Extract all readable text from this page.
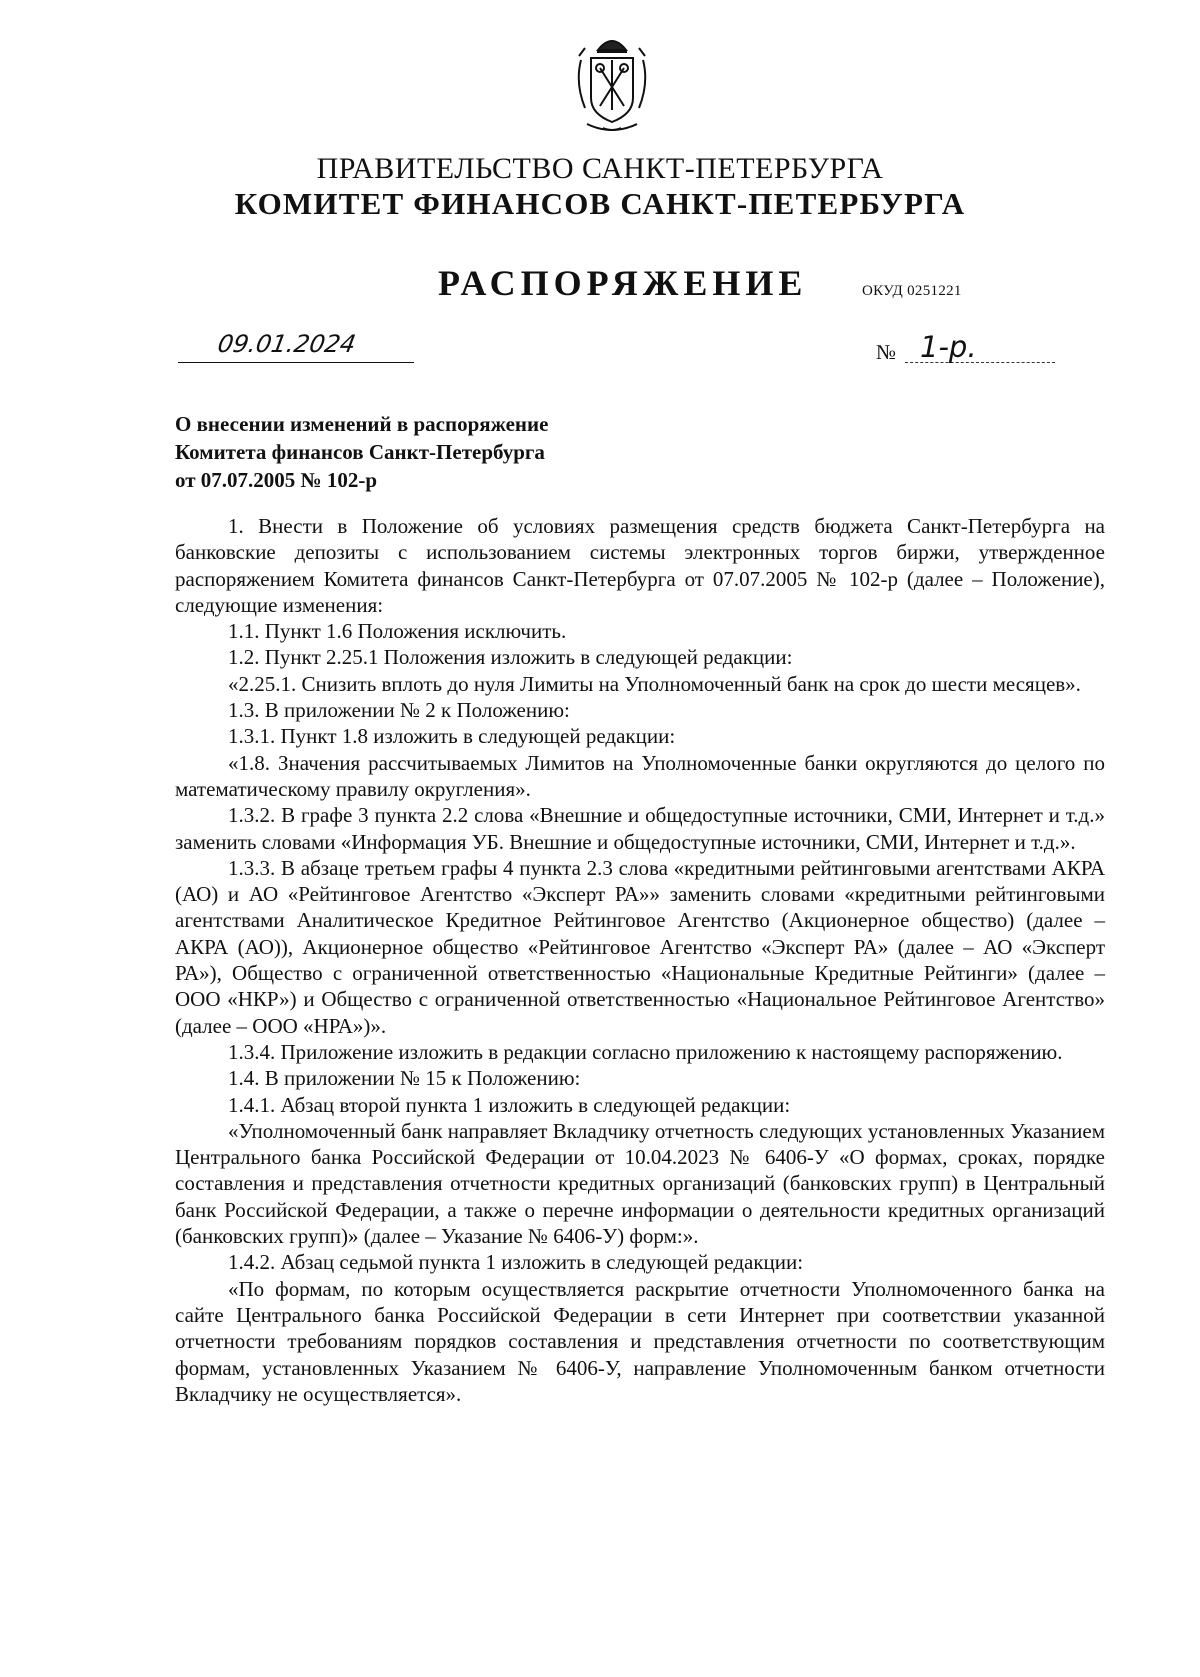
ПРАВИТЕЛЬСТВО САНКТ-ПЕТЕРБУРГА
КОМИТЕТ ФИНАНСОВ САНКТ-ПЕТЕРБУРГА
РАСПОРЯЖЕНИЕ	ОКУД 0251221
09.01.2024	№ 1-р.
О внесении изменений в распоряжение
Комитета финансов Санкт-Петербурга
от 07.07.2005 № 102-р

1. Внести в Положение об условиях размещения средств бюджета Санкт-Петербурга на банковские депозиты с использованием системы электронных торгов биржи, утвержденное распоряжением Комитета финансов Санкт-Петербурга от 07.07.2005 № 102-р (далее – Положение), следующие изменения:

1.1. Пункт 1.6 Положения исключить.

1.2. Пункт 2.25.1 Положения изложить в следующей редакции:

«2.25.1. Снизить вплоть до нуля Лимиты на Уполномоченный банк на срок до шести месяцев».

1.3. В приложении № 2 к Положению:

1.3.1. Пункт 1.8 изложить в следующей редакции:

«1.8. Значения рассчитываемых Лимитов на Уполномоченные банки округляются до целого по математическому правилу округления».

1.3.2. В графе 3 пункта 2.2 слова «Внешние и общедоступные источники, СМИ, Интернет и т.д.» заменить словами «Информация УБ. Внешние и общедоступные источники, СМИ, Интернет и т.д.».

1.3.3. В абзаце третьем графы 4 пункта 2.3 слова «кредитными рейтинговыми агентствами АКРА (АО) и АО «Рейтинговое Агентство «Эксперт РА»» заменить словами «кредитными рейтинговыми агентствами Аналитическое Кредитное Рейтинговое Агентство (Акционерное общество) (далее – АКРА (АО)), Акционерное общество «Рейтинговое Агентство «Эксперт РА» (далее – АО «Эксперт РА»), Общество с ограниченной ответственностью «Национальные Кредитные Рейтинги» (далее – ООО «НКР») и Общество с ограниченной ответственностью «Национальное Рейтинговое Агентство» (далее – ООО «НРА»)».

1.3.4. Приложение изложить в редакции согласно приложению к настоящему распоряжению.

1.4. В приложении № 15 к Положению:

1.4.1. Абзац второй пункта 1 изложить в следующей редакции:

«Уполномоченный банк направляет Вкладчику отчетность следующих установленных Указанием Центрального банка Российской Федерации от 10.04.2023 № 6406-У «О формах, сроках, порядке составления и представления отчетности кредитных организаций (банковских групп) в Центральный банк Российской Федерации, а также о перечне информации о деятельности кредитных организаций (банковских групп)» (далее – Указание № 6406-У) форм:».

1.4.2. Абзац седьмой пункта 1 изложить в следующей редакции:

«По формам, по которым осуществляется раскрытие отчетности Уполномоченного банка на сайте Центрального банка Российской Федерации в сети Интернет при соответствии указанной отчетности требованиям порядков составления и представления отчетности по соответствующим формам, установленных Указанием № 6406-У, направление Уполномоченным банком отчетности Вкладчику не осуществляется».
